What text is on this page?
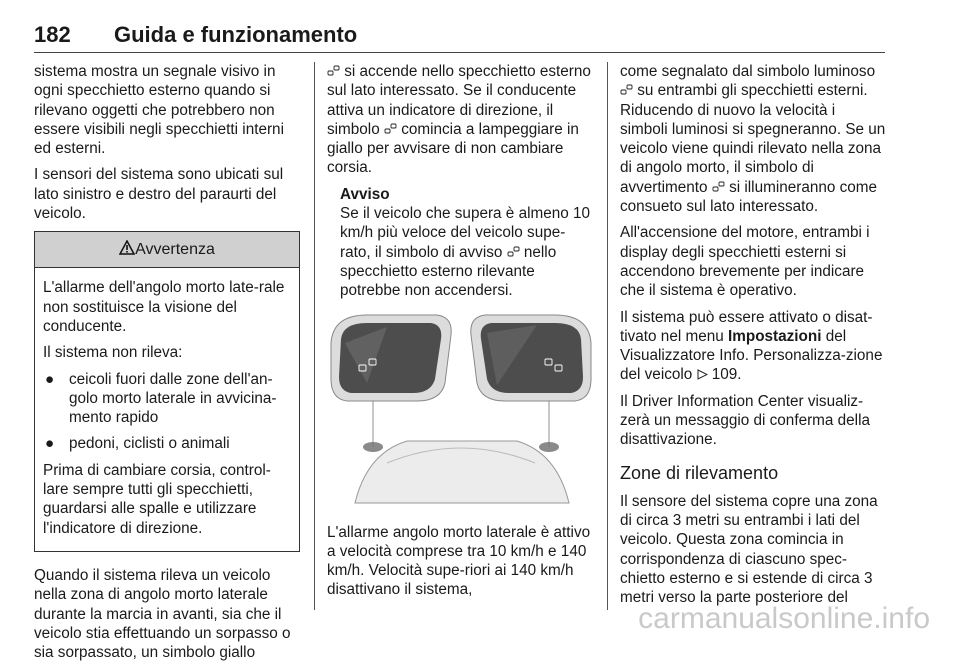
182	Guida e funzionamento

sistema mostra un segnale visivo in ogni specchietto esterno quando si rilevano oggetti che potrebbero non essere visibili negli specchietti interni ed esterni.

I sensori del sistema sono ubicati sul lato sinistro e destro del paraurti del veicolo.

Avvertenza

L'allarme dell'angolo morto late-rale non sostituisce la visione del conducente.

Il sistema non rileva:

● ceicoli fuori dalle zone dell'an-golo morto laterale in avvicina-mento rapido
● pedoni, ciclisti o animali

Prima di cambiare corsia, control-lare sempre tutti gli specchietti, guardarsi alle spalle e utilizzare l'indicatore di direzione.

Quando il sistema rileva un veicolo nella zona di angolo morto laterale durante la marcia in avanti, sia che il veicolo stia effettuando un sorpasso o sia sorpassato, un simbolo giallo

si accende nello specchietto esterno sul lato interessato. Se il conducente attiva un indicatore di direzione, il simbolo comincia a lampeggiare in giallo per avvisare di non cambiare corsia.

Avviso
Se il veicolo che supera è almeno 10 km/h più veloce del veicolo supe-rato, il simbolo di avviso nello specchietto esterno rilevante potrebbe non accendersi.

L'allarme angolo morto laterale è attivo a velocità comprese tra 10 km/h e 140 km/h. Velocità supe-riori ai 140 km/h disattivano il sistema,

come segnalato dal simbolo luminoso  su entrambi gli specchietti esterni. Riducendo di nuovo la velocità i simboli luminosi si spegneranno. Se un veicolo viene quindi rilevato nella zona di angolo morto, il simbolo di avvertimento si illumineranno come consueto sul lato interessato.

All'accensione del motore, entrambi i display degli specchietti esterni si accendono brevemente per indicare che il sistema è operativo.

Il sistema può essere attivato o disat-tivato nel menu Impostazioni del Visualizzatore Info. Personalizza-zione del veicolo 109.

Il Driver Information Center visualiz-zerà un messaggio di conferma della disattivazione.

Zone di rilevamento

Il sensore del sistema copre una zona di circa 3 metri su entrambi i lati del veicolo. Questa zona comincia in corrispondenza di ciascuno spec-chietto esterno e si estende di circa 3 metri verso la parte posteriore del

carmanualsonline.info
